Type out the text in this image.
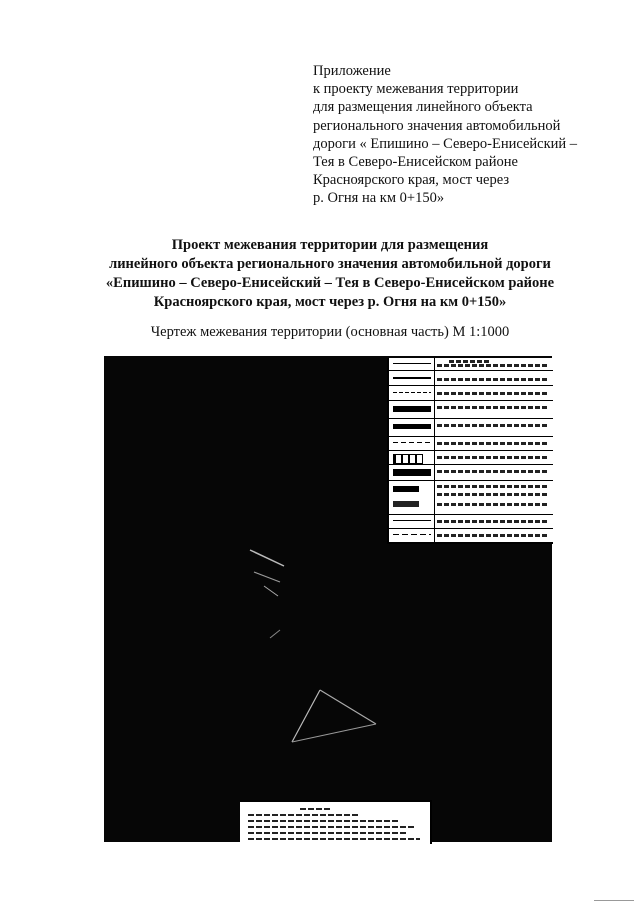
Приложение
к проекту межевания территории
для размещения линейного объекта
регионального значения автомобильной
дороги « Епишино – Северо-Енисейский –
Тея в Северо-Енисейском районе
Красноярского края, мост через
р. Огня на км 0+150»
Проект межевания территории для размещения
линейного объекта регионального значения автомобильной дороги
«Епишино – Северо-Енисейский – Тея в Северо-Енисейском районе
Красноярского края, мост через р. Огня на км 0+150»
Чертеж межевания территории (основная часть) М 1:1000
